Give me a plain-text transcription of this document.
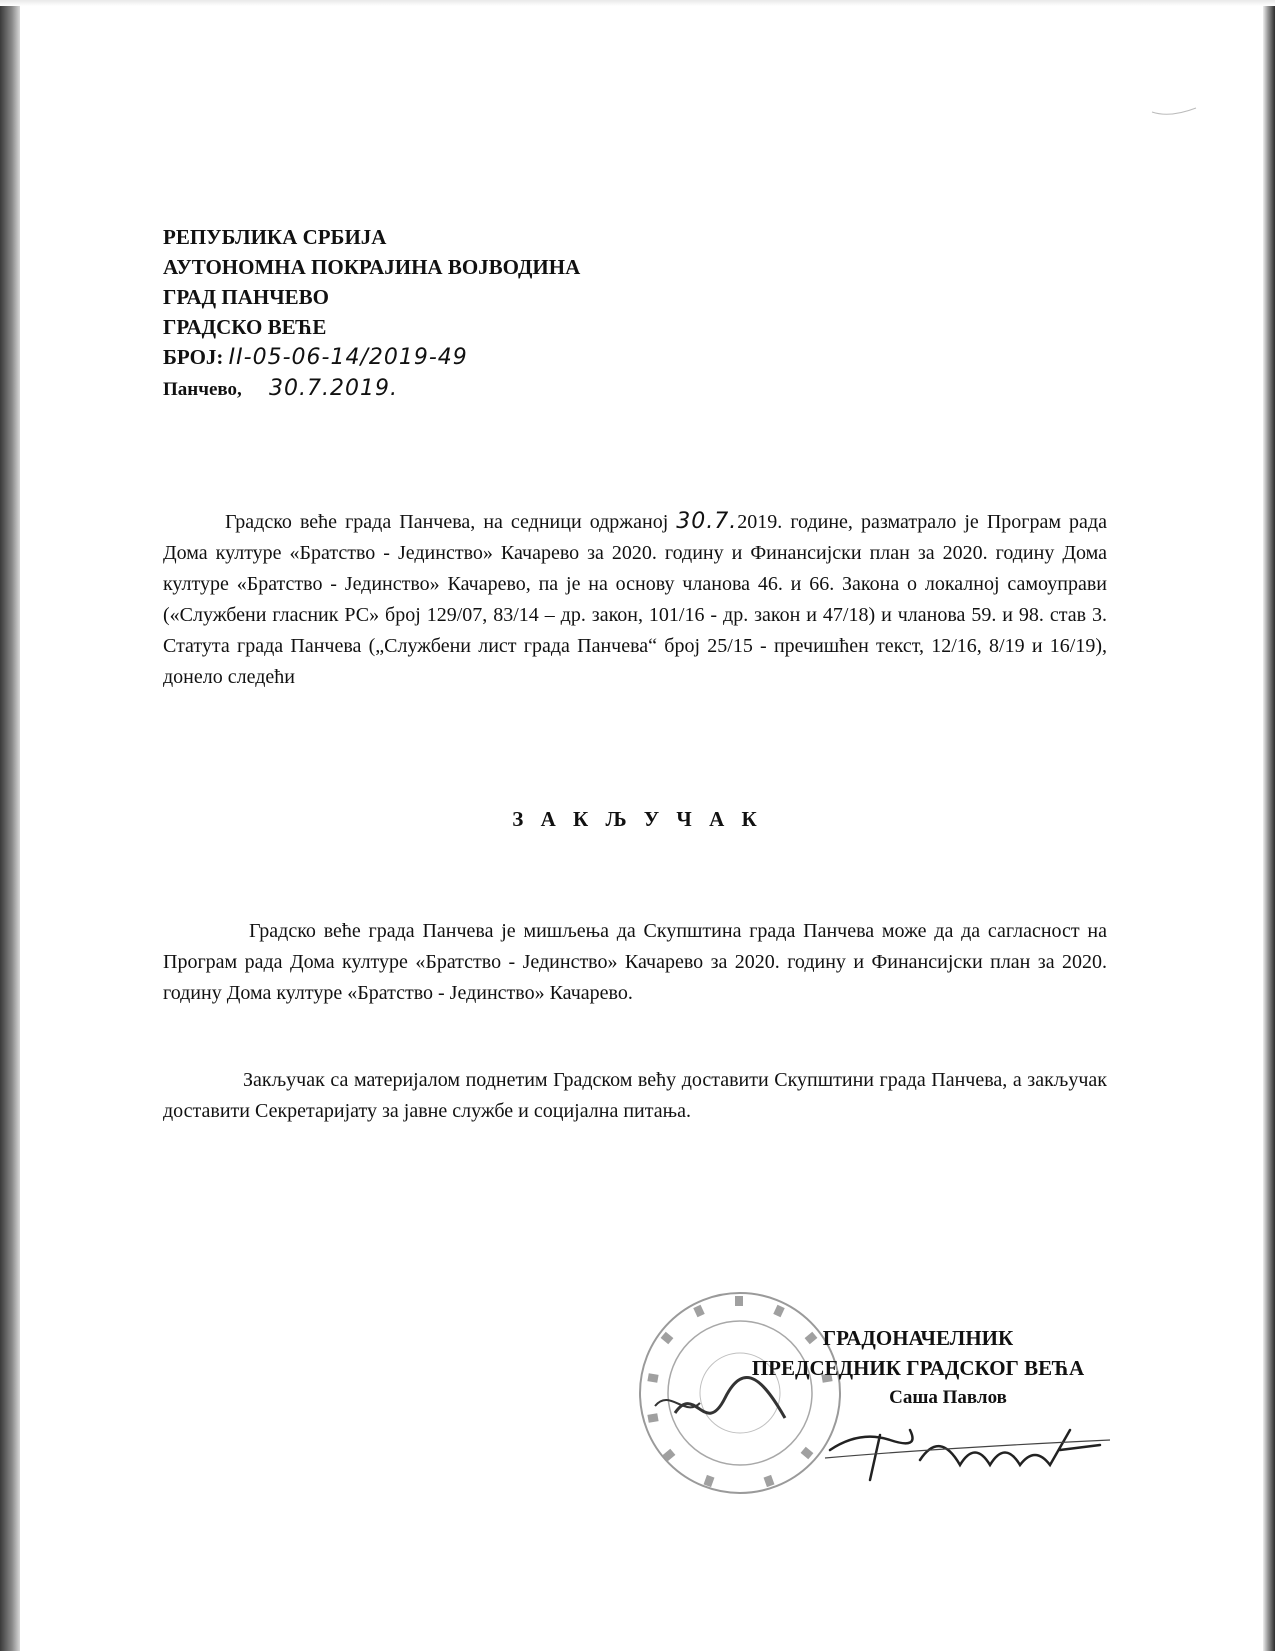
РЕПУБЛИКА СРБИЈА
АУТОНОМНА ПОКРАЈИНА ВОЈВОДИНА
ГРАД ПАНЧЕВО
ГРАДСКО ВЕЋЕ
БРОЈ: II-05-06-14/2019-49
Панчево, 30.7.2019.

Градско веће града Панчева, на седници одржаној 30.7.2019. године, разматрало је Програм рада Дома културе «Братство - Јединство» Качарево за 2020. годину и Финансијски план за 2020. годину Дома културе «Братство - Јединство» Качарево, па је на основу чланова 46. и 66. Закона о локалној самоуправи («Службени гласник РС» број 129/07, 83/14 – др. закон, 101/16 - др. закон и 47/18) и чланова 59. и 98. став 3. Статута града Панчева („Службени лист града Панчева“ број 25/15 - пречишћен текст, 12/16, 8/19 и 16/19), донело следећи

З А К Љ У Ч А К

Градско веће града Панчева је мишљења да Скупштина града Панчева може да да сагласност на Програм рада Дома културе «Братство - Јединство» Качарево за 2020. годину и Финансијски план за 2020. годину Дома културе «Братство - Јединство» Качарево.

Закључак са материјалом поднетим Градском већу доставити Скупштини града Панчева, а закључак доставити Секретаријату за јавне службе и социјална питања.

ГРАДОНАЧЕЛНИК
ПРЕДСЕДНИК ГРАДСКОГ ВЕЋА
Саша Павлов
